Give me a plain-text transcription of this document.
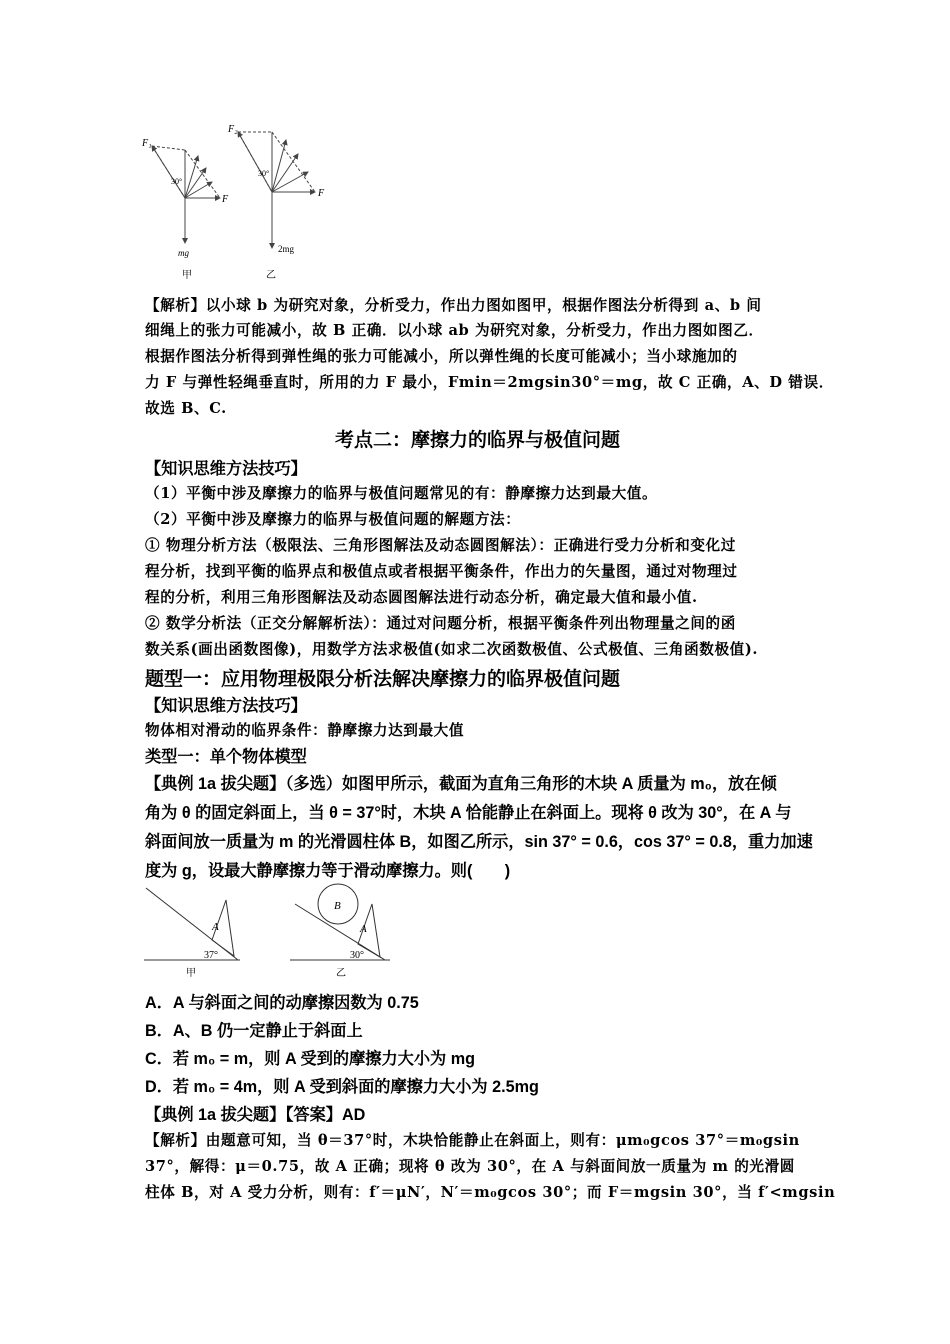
F₁
30°
F
mg
甲
F₂
30°
F
2mg
乙
【解析】以小球 b 为研究对象，分析受力，作出力图如图甲，根据作图法分析得到 a、b 间
细绳上的张力可能减小，故 B 正确．以小球 ab 为研究对象，分析受力，作出力图如图乙．
根据作图法分析得到弹性绳的张力可能减小，所以弹性绳的长度可能减小；当小球施加的
力 F 与弹性轻绳垂直时，所用的力 F 最小，Fmin＝2mgsin30°＝mg，故 C 正确，A、D 错误．
故选 B、C.
考点二：摩擦力的临界与极值问题
【知识思维方法技巧】
（1）平衡中涉及摩擦力的临界与极值问题常见的有：静摩擦力达到最大值。
（2）平衡中涉及摩擦力的临界与极值问题的解题方法：
① 物理分析方法（极限法、三角形图解法及动态圆图解法）：正确进行受力分析和变化过
程分析，找到平衡的临界点和极值点或者根据平衡条件，作出力的矢量图，通过对物理过
程的分析，利用三角形图解法及动态圆图解法进行动态分析，确定最大值和最小值.
② 数学分析法（正交分解解析法）：通过对问题分析，根据平衡条件列出物理量之间的函
数关系(画出函数图像)，用数学方法求极值(如求二次函数极值、公式极值、三角函数极值).
题型一：应用物理极限分析法解决摩擦力的临界极值问题
【知识思维方法技巧】
物体相对滑动的临界条件：静摩擦力达到最大值
类型一：单个物体模型
【典例 1a 拔尖题】（多选）如图甲所示，截面为直角三角形的木块 A 质量为 m₀，放在倾
角为 θ 的固定斜面上，当 θ = 37°时，木块 A 恰能静止在斜面上。现将 θ 改为 30°，在 A 与
斜面间放一质量为 m 的光滑圆柱体 B，如图乙所示，sin 37° = 0.6，cos 37° = 0.8，重力加速
度为 g，设最大静摩擦力等于滑动摩擦力。则(　　)
A
37°
甲
B
A
30°
乙
A．A 与斜面之间的动摩擦因数为 0.75
B．A、B 仍一定静止于斜面上
C．若 m₀ = m，则 A 受到的摩擦力大小为 mg
D．若 m₀ = 4m，则 A 受到斜面的摩擦力大小为 2.5mg
【典例 1a 拔尖题】【答案】AD
【解析】由题意可知，当 θ＝37°时，木块恰能静止在斜面上，则有：μm₀gcos 37°＝m₀gsin
37°，解得：μ＝0.75，故 A 正确；现将 θ 改为 30°，在 A 与斜面间放一质量为 m 的光滑圆
柱体 B，对 A 受力分析，则有：f′＝μN′，N′＝m₀gcos 30°；而 F＝mgsin 30°，当 f′<mgsin
